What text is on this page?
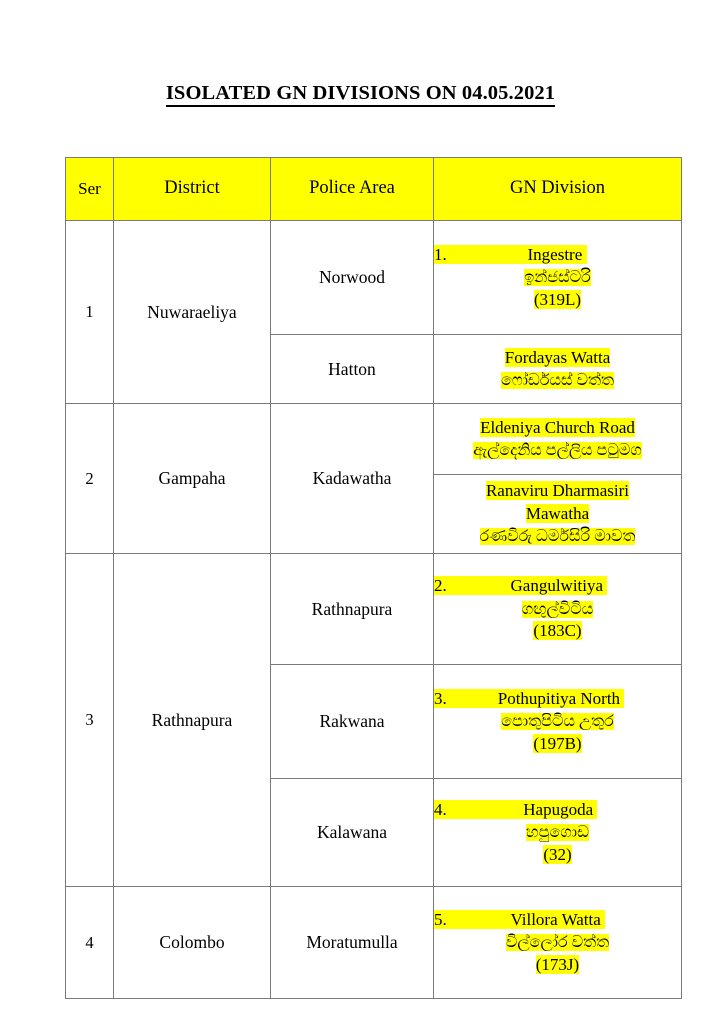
ISOLATED GN DIVISIONS ON 04.05.2021
Ser	District	Police Area	GN Division
1	Nuwaraeliya	Norwood	1.	Ingestre
ඉන්ජස්ටරි
(319L)

		Hatton	Fordayas Watta
ෆෝර්ඩයස් වත්ත

2	Gampaha	Kadawatha	Eldeniya Church Road
ඇල්දෙනිය පල්ලිය පටුමග

			Ranaviru Dharmasiri
Mawatha
රණවිරු ධර්මසිරි මාවත

3	Rathnapura	Rathnapura	2.	Gangulwitiya
ගඟුල්විටිය
(183C)

		Rakwana	3.	Pothupitiya North
පොතුපිටිය උතුර
(197B)

		Kalawana	4.	Hapugoda
හපුගොඩ
(32)

4	Colombo	Moratumulla	5.	Villora Watta
විල්ලෝර වත්ත
(173J)
